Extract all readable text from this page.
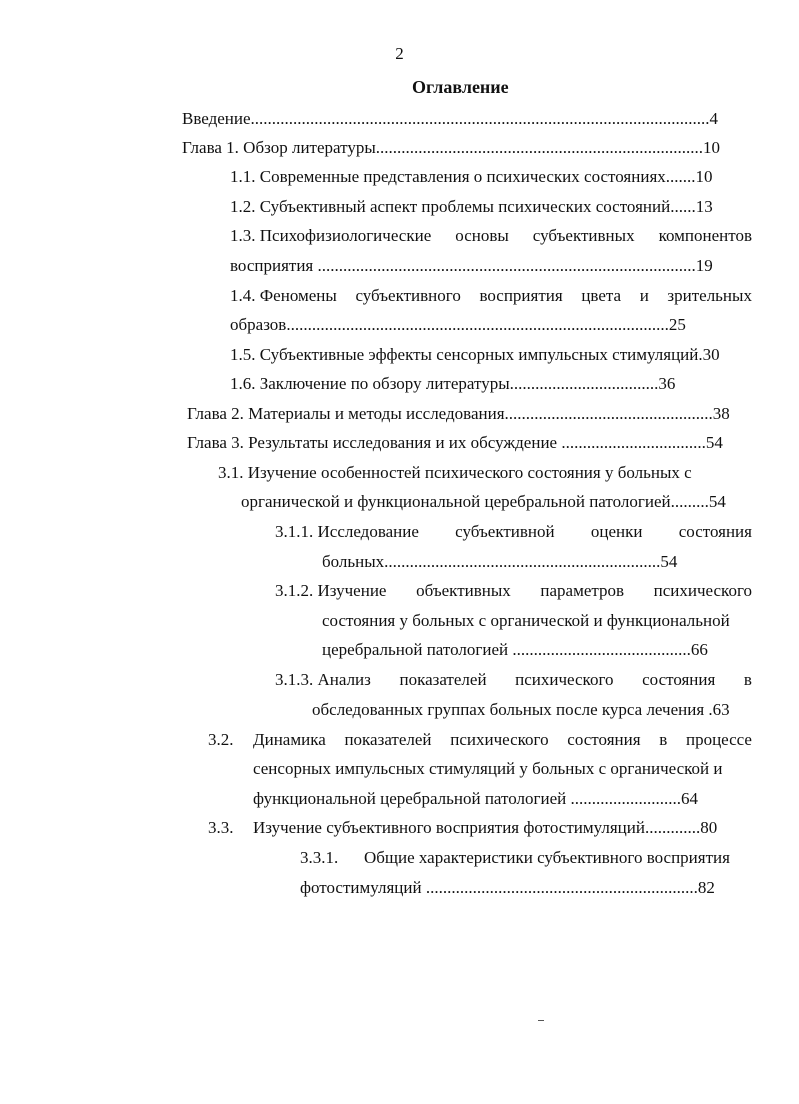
2
Оглавление
Введение............................................................................................................4
Глава 1. Обзор литературы.............................................................................10
1.1. Современные представления о психических состояниях.......10
1.2. Субъективный аспект проблемы психических состояний......13
1.3. Психофизиологические основы субъективных компонентов
восприятия .........................................................................................19
1.4. Феномены субъективного восприятия цвета и зрительных
образов..........................................................................................25
1.5. Субъективные эффекты сенсорных импульсных стимуляций.30
1.6. Заключение по обзору литературы...................................36
Глава 2. Материалы и методы исследования.................................................38
Глава 3. Результаты исследования и их обсуждение ..................................54
3.1. Изучение особенностей психического состояния у больных с
органической и функциональной церебральной патологией.........54
3.1.1. Исследование субъективной оценки состояния
больных.................................................................54
3.1.2. Изучение объективных параметров психического
состояния у больных с органической и функциональной
церебральной патологией ..........................................66
3.1.3. Анализ показателей психического состояния в
обследованных группах больных после курса лечения .63
3.2. Динамика показателей психического состояния в процессе
сенсорных импульсных стимуляций у больных с органической и
функциональной церебральной патологией ..........................64
3.3. Изучение субъективного восприятия фотостимуляций.............80
3.3.1. Общие характеристики субъективного восприятия
фотостимуляций ................................................................82
